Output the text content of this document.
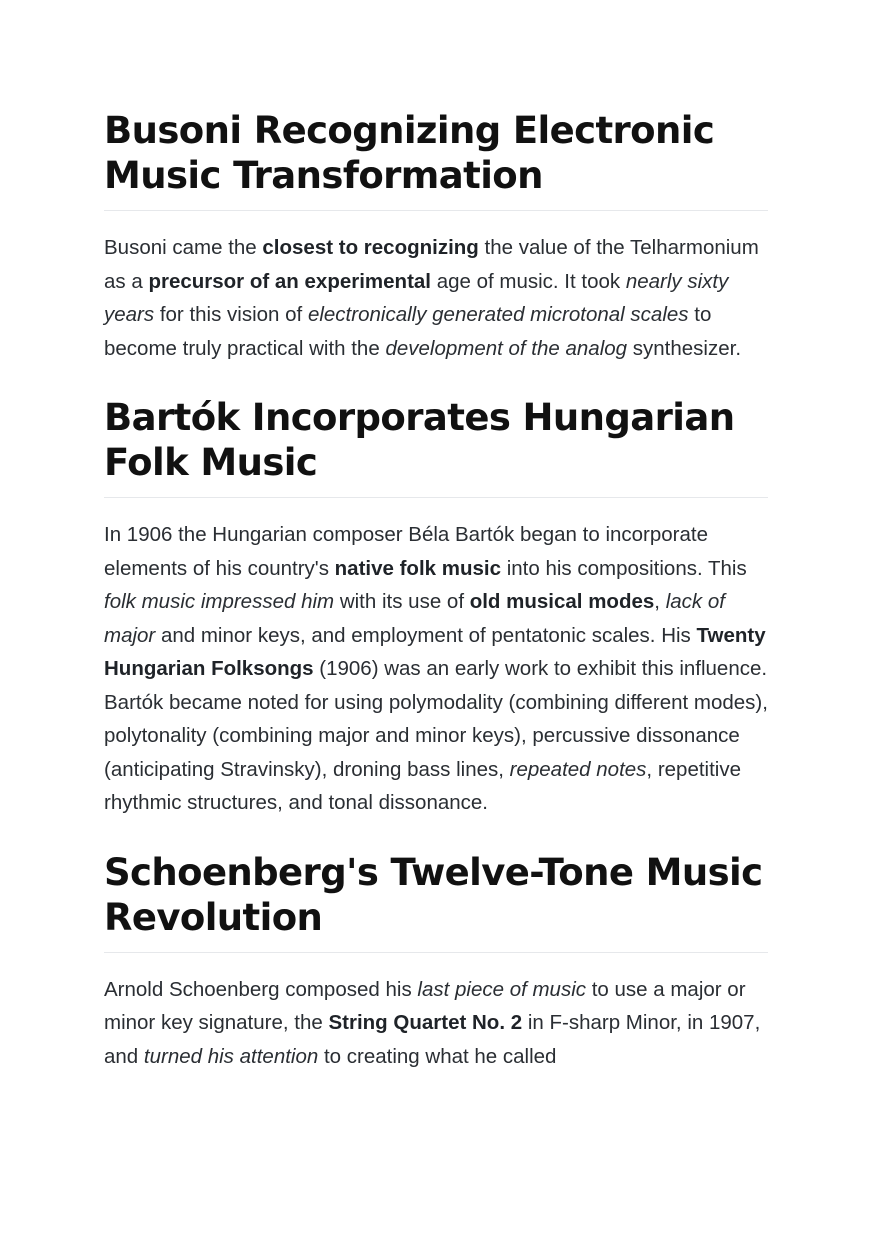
Busoni Recognizing Electronic Music Transformation

Busoni came the closest to recognizing the value of the Telharmonium as a precursor of an experimental age of music. It took nearly sixty years for this vision of electronically generated microtonal scales to become truly practical with the development of the analog synthesizer.

Bartók Incorporates Hungarian Folk Music

In 1906 the Hungarian composer Béla Bartók began to incorporate elements of his country's native folk music into his compositions. This folk music impressed him with its use of old musical modes, lack of major and minor keys, and employment of pentatonic scales. His Twenty Hungarian Folksongs (1906) was an early work to exhibit this influence. Bartók became noted for using polymodality (combining different modes), polytonality (combining major and minor keys), percussive dissonance (anticipating Stravinsky), droning bass lines, repeated notes, repetitive rhythmic structures, and tonal dissonance.

Schoenberg's Twelve-Tone Music Revolution

Arnold Schoenberg composed his last piece of music to use a major or minor key signature, the String Quartet No. 2 in F-sharp Minor, in 1907, and turned his attention to creating what he called
